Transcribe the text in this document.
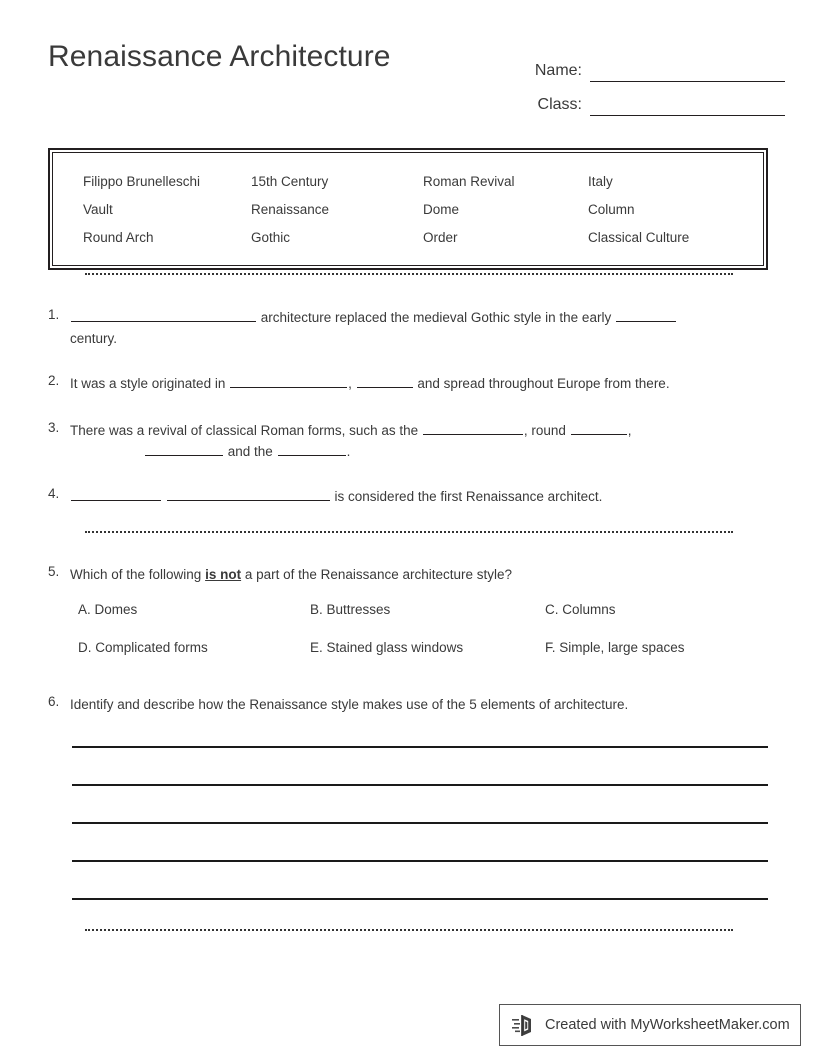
Renaissance Architecture	Name:
Class:
Filippo Brunelleschi	15th Century	Roman Revival	Italy
Vault	Renaissance	Dome	Column
Round Arch	Gothic	Order	Classical Culture
1.	architecture replaced the medieval Gothic style in the early
century.
2. It was a style originated in	,	and spread throughout Europe from there.
3. There was a revival of classical Roman forms, such as the	, round	,
and the	.
4.	is considered the first Renaissance architect.
5. Which of the following is not a part of the Renaissance architecture style?
A. Domes	B. Buttresses	C. Columns
D. Complicated forms	E. Stained glass windows	F. Simple, large spaces
6. Identify and describe how the Renaissance style makes use of the 5 elements of architecture.
Created with MyWorksheetMaker.com
